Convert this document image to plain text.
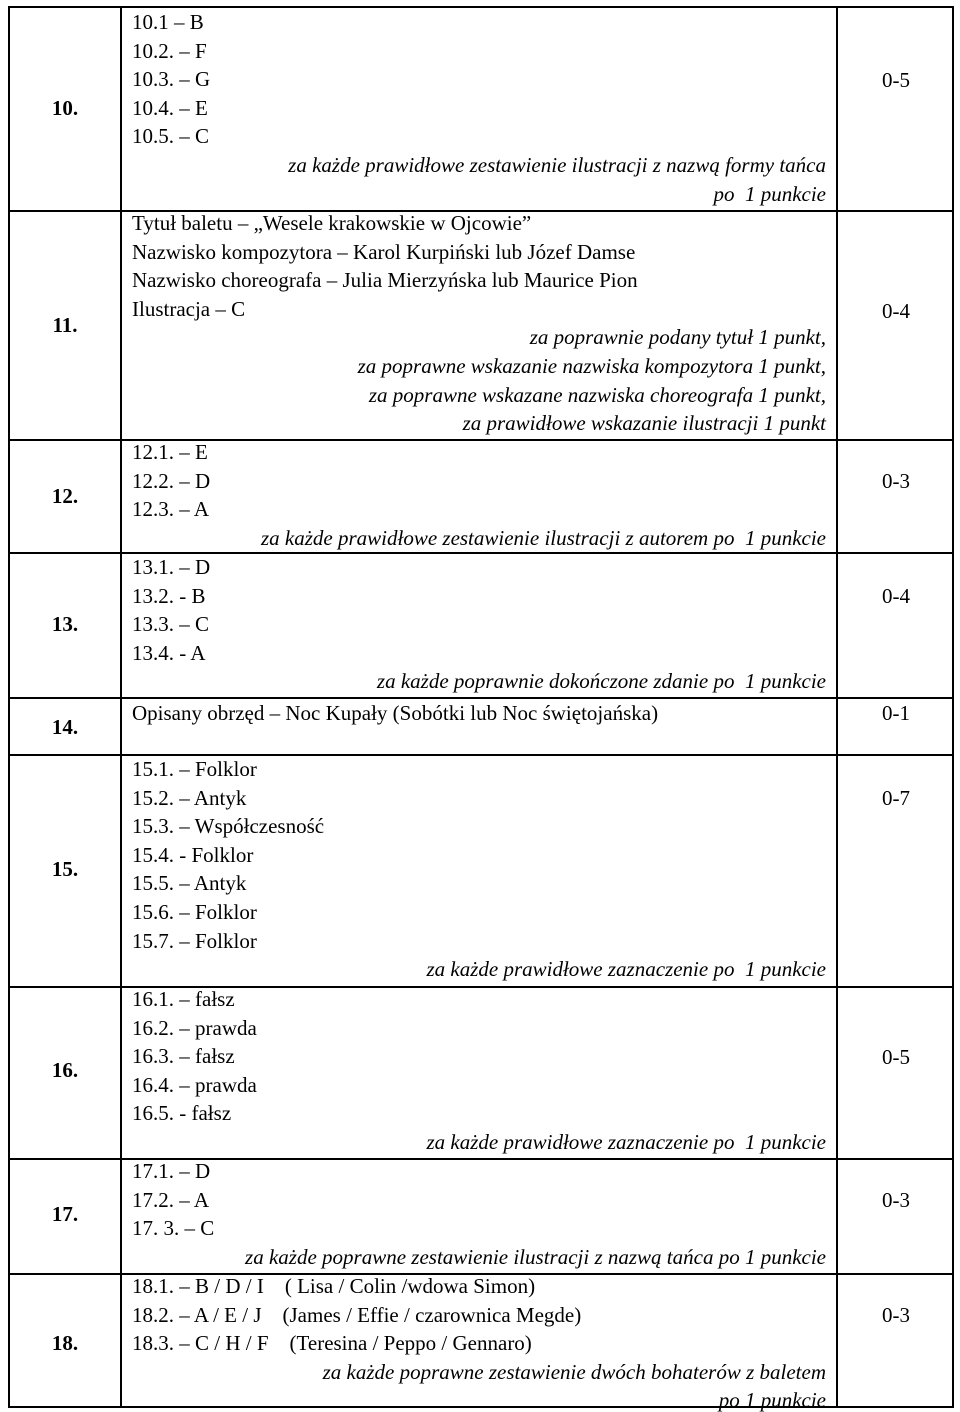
10.
10.1 – B
10.2. – F
10.3. – G
10.4. – E
10.5. – C
za każde prawidłowe zestawienie ilustracji z nazwą formy tańca
po  1 punkcie
0-5
11.
Tytuł baletu – „Wesele krakowskie w Ojcowie”
Nazwisko kompozytora – Karol Kurpiński lub Józef Damse
Nazwisko choreografa – Julia Mierzyńska lub Maurice Pion
Ilustracja – C
za poprawnie podany tytuł 1 punkt,
za poprawne wskazanie nazwiska kompozytora 1 punkt,
za poprawne wskazane nazwiska choreografa 1 punkt,
za prawidłowe wskazanie ilustracji 1 punkt
0-4
12.
12.1. – E
12.2. – D
12.3. – A
za każde prawidłowe zestawienie ilustracji z autorem po  1 punkcie
0-3
13.
13.1. – D
13.2. - B
13.3. – C
13.4. - A
za każde poprawnie dokończone zdanie po  1 punkcie
0-4
14.
Opisany obrzęd – Noc Kupały (Sobótki lub Noc świętojańska)	0-1
15.
15.1. – Folklor
15.2. – Antyk
15.3. – Współczesność
15.4. - Folklor
15.5. – Antyk
15.6. – Folklor
15.7. – Folklor
za każde prawidłowe zaznaczenie po  1 punkcie
0-7
16.
16.1. – fałsz
16.2. – prawda
16.3. – fałsz
16.4. – prawda
16.5. - fałsz
za każde prawidłowe zaznaczenie po  1 punkcie
0-5
17.
17.1. – D
17.2. – A
17. 3. – C
za każde poprawne zestawienie ilustracji z nazwą tańca po 1 punkcie
0-3
18.
18.1. – B / D / I    ( Lisa / Colin /wdowa Simon)
18.2. – A / E / J    (James / Effie / czarownica Megde)
18.3. – C / H / F    (Teresina / Peppo / Gennaro)
za każde poprawne zestawienie dwóch bohaterów z baletem
po 1 punkcie
0-3
